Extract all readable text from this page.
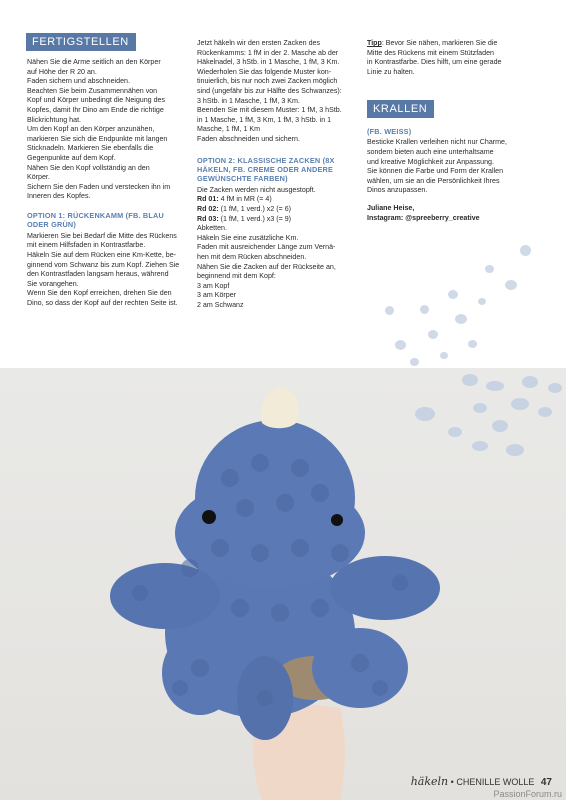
FERTIGSTELLEN

Nähen Sie die Arme seitlich an den Körper

auf Höhe der R 20 an.

Faden sichern und abschneiden.

Beachten Sie beim Zusammennähen von

Kopf und Körper unbedingt die Neigung des

Kopfes, damit Ihr Dino am Ende die richtige

Blickrichtung hat.

Um den Kopf an den Körper anzunähen,

markieren Sie sich die Endpunkte mit langen

Sticknadeln. Markieren Sie ebenfalls die

Gegenpunkte auf dem Kopf.

Nähen Sie den Kopf vollständig an den

Körper.

Sichern Sie den Faden und verstecken ihn im

Inneren des Kopfes.

OPTION 1: RÜCKENKAMM (FB. BLAU
ODER GRÜN)

Markieren Sie bei Bedarf die Mitte des Rückens

mit einem Hilfsfaden in Kontrastfarbe.

Häkeln Sie auf dem Rücken eine Km-Kette, be-

ginnend vom Schwanz bis zum Kopf. Ziehen Sie

den Kontrastfaden langsam heraus, während

Sie vorangehen.

Wenn Sie den Kopf erreichen, drehen Sie den

Dino, so dass der Kopf auf der rechten Seite ist.

Jetzt häkeln wir den ersten Zacken des

Rückenkamms: 1 fM in der 2. Masche ab der

Häkelnadel, 3 hStb. in 1 Masche, 1 fM, 3 Km.

Wiederholen Sie das folgende Muster kon-

tinuierlich, bis nur noch zwei Zacken möglich

sind (ungefähr bis zur Hälfte des Schwanzes):

3 hStb. in 1 Masche, 1 fM, 3 Km.

Beenden Sie mit diesem Muster: 1 fM, 3 hStb.

in 1 Masche, 1 fM, 3 Km, 1 fM, 3 hStb. in 1

Masche, 1 fM, 1 Km

Faden abschneiden und sichern.

OPTION 2: KLASSISCHE ZACKEN (8X
HÄKELN, FB. CREME ODER ANDERE
GEWÜNSCHTE FARBEN)

Die Zacken werden nicht ausgestopft.

Rd 01: 4 fM in MR (= 4)

Rd 02: (1 fM, 1 verd.) x2 (= 6)

Rd 03: (1 fM, 1 verd.) x3 (= 9)

Abketten.

Häkeln Sie eine zusätzliche Km.

Faden mit ausreichender Länge zum Vernä-

hen mit dem Rücken abschneiden.

Nähen Sie die Zacken auf der Rückseite an,

beginnend mit dem Kopf:

3 am Kopf

3 am Körper

2 am Schwanz

Tipp: Bevor Sie nähen, markieren Sie die

Mitte des Rückens mit einem Stützfaden

in Kontrastfarbe. Dies hilft, um eine gerade

Linie zu halten.

KRALLEN
(FB. WEISS)

Besticke Krallen verleihen nicht nur Charme,

sondern bieten auch eine unterhaltsame

und kreative Möglichkeit zur Anpassung.

Sie können die Farbe und Form der Krallen

wählen, um sie an die Persönlichkeit Ihres

Dinos anzupassen.

Juliane Heise,
Instagram: @spreeberry_creative
häkeln • CHENILLE WOLLE 47
PassionForum.ru
